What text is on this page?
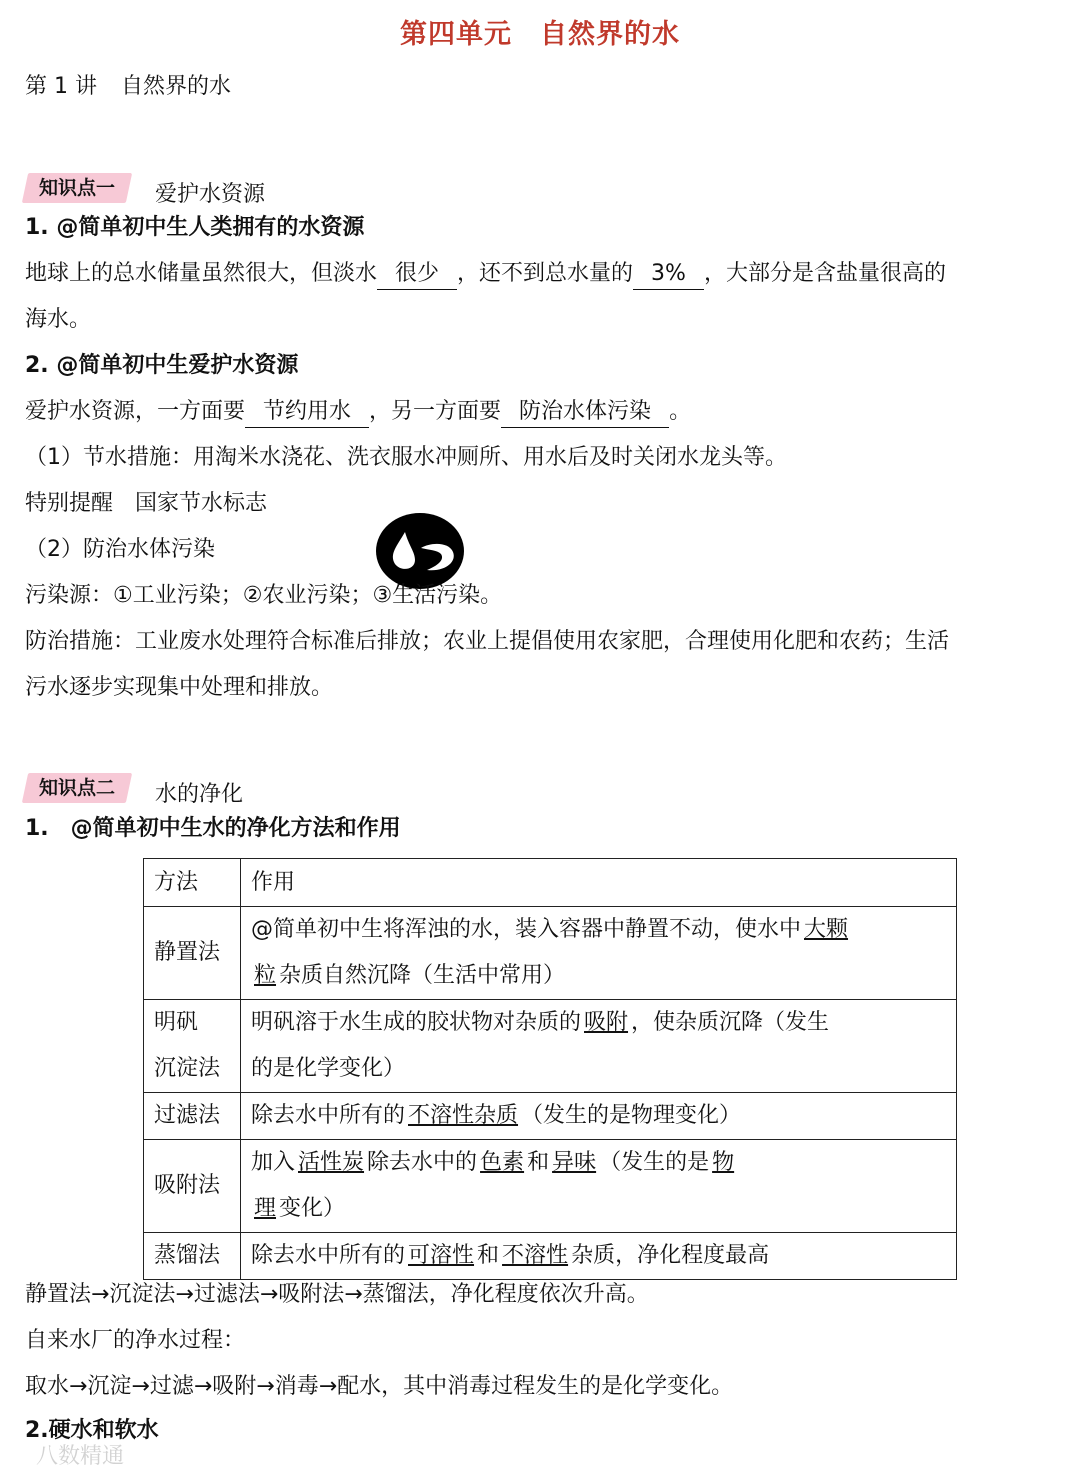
第四单元 自然界的水
第 1 讲 自然界的水
知识点一	爱护水资源
1. @简单初中生人类拥有的水资源
地球上的总水储量虽然很大，但淡水 很少 ，还不到总水量的 3% ，大部分是含盐量很高的
海水。
2. @简单初中生爱护水资源
爱护水资源，一方面要 节约用水 ，另一方面要 防治水体污染 。
（1）节水措施：用淘米水浇花、洗衣服水冲厕所、用水后及时关闭水龙头等。
特别提醒　国家节水标志
（2）防治水体污染
污染源：①工业污染；②农业污染；③生活污染。
防治措施：工业废水处理符合标准后排放；农业上提倡使用农家肥，合理使用化肥和农药；生活
污水逐步实现集中处理和排放。
知识点二	水的净化
1.　@简单初中生水的净化方法和作用
方法	作用
静置法	@简单初中生将浑浊的水，装入容器中静置不动，使水中 大颗
粒 杂质自然沉降（生活中常用）
明矾
沉淀法	明矾溶于水生成的胶状物对杂质的 吸附 ，使杂质沉降（发生
的是化学变化）
过滤法	除去水中所有的 不溶性杂质 （发生的是物理变化）
吸附法	加入 活性炭 除去水中的 色素 和 异味 （发生的是 物
理 变化）
蒸馏法	除去水中所有的 可溶性 和 不溶性 杂质，净化程度最高
静置法→沉淀法→过滤法→吸附法→蒸馏法，净化程度依次升高。
自来水厂的净水过程：
取水→沉淀→过滤→吸附→消毒→配水，其中消毒过程发生的是化学变化。
2.硬水和软水
八数精通
